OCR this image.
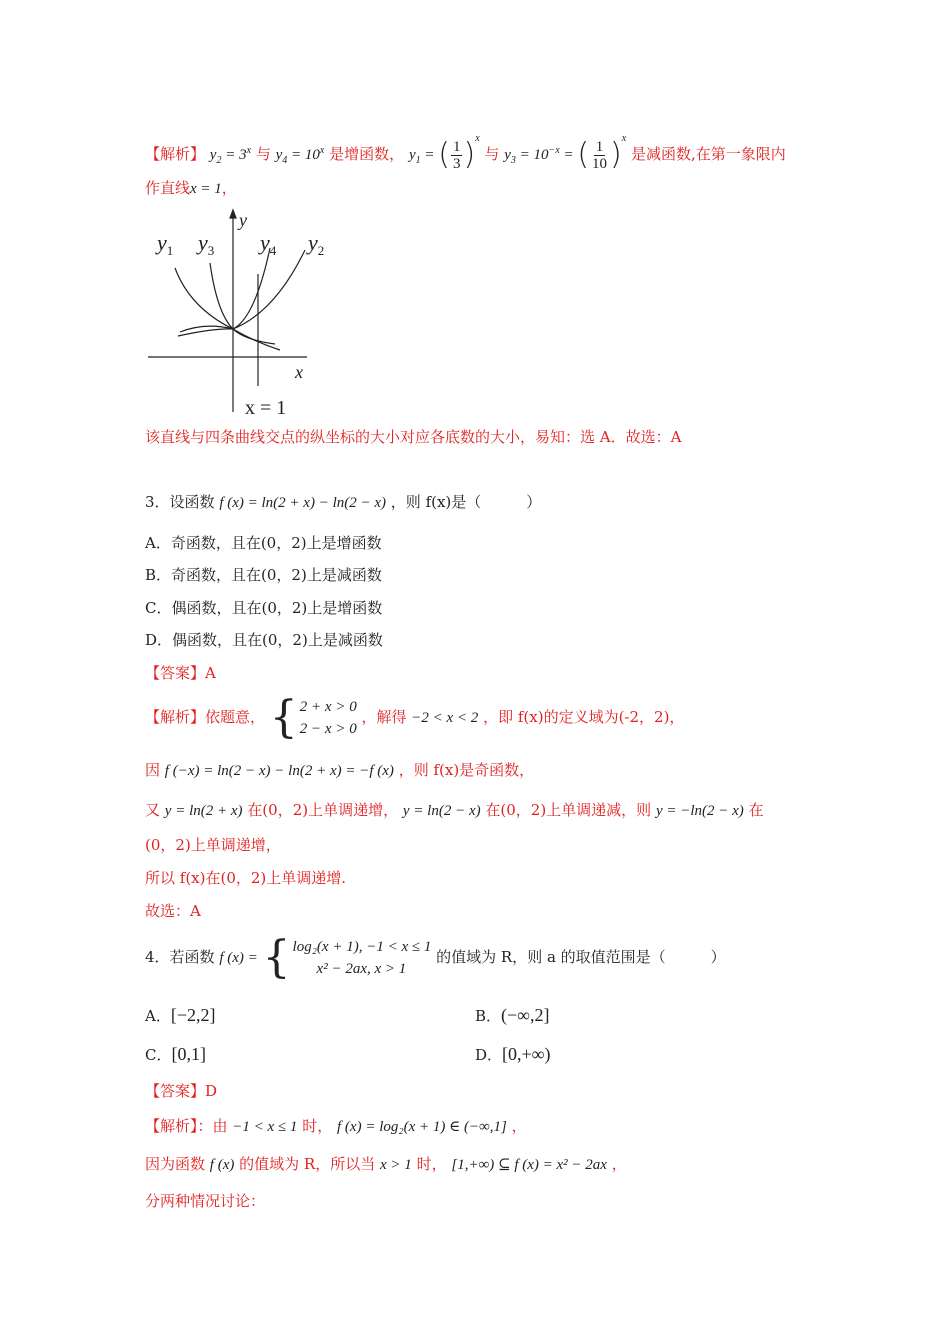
【解析】 $y_2 = 3^x$ 与 $y_4 = 10^x$ 是增函数， $y_1$ = ( $\frac{1}{3} )^x$ 与 $y_3 = 10^{-x}$ = ( $\frac{1}{10} )^x$ 是减函数,在第一象限内
作直线x = 1，
$y_1$ $y_3$ $y_4$ $y_2$
y
x
x = 1
该直线与四条曲线交点的纵坐标的大小对应各底数的大小，易知：选 A．故选：A
3．设函数 f (x) = ln(2 + x) − ln(2 − x) ，则 f(x)是（　　　）
A．奇函数，且在(0，2)上是增函数
B．奇函数，且在(0，2)上是减函数
C．偶函数，且在(0，2)上是增函数
D．偶函数，且在(0，2)上是减函数
【答案】A
【解析】依题意， { 2 + x > 0
2 − x > 0
，解得 −2 < x < 2 ，即 f(x)的定义域为(-2，2)，
因 f (−x) = ln(2 − x) − ln(2 + x) = −f (x) ，则 f(x)是奇函数，
又 y = ln(2 + x) 在(0，2)上单调递增， y = ln(2 − x) 在(0，2)上单调递减，则 y = −ln(2 − x) 在
(0，2)上单调递增，
所以 f(x)在(0，2)上单调递增.
故选：A
4．若函数 f (x) = { log₂(x + 1), −1 < x ≤ 1
x² − 2ax, x > 1
的值域为 R，则 a 的取值范围是（　　　）
A．[−2,2]	B．(−∞,2]
C．[0,1]	D．[0,+∞)
【答案】D
【解析】：由 −1 < x ≤ 1 时， f (x) = log₂(x + 1) ∈ (−∞,1] ，
因为函数 f (x) 的值域为 R，所以当 x > 1 时， [1,+∞) ⊆ f (x) = x² − 2ax ，
分两种情况讨论：
